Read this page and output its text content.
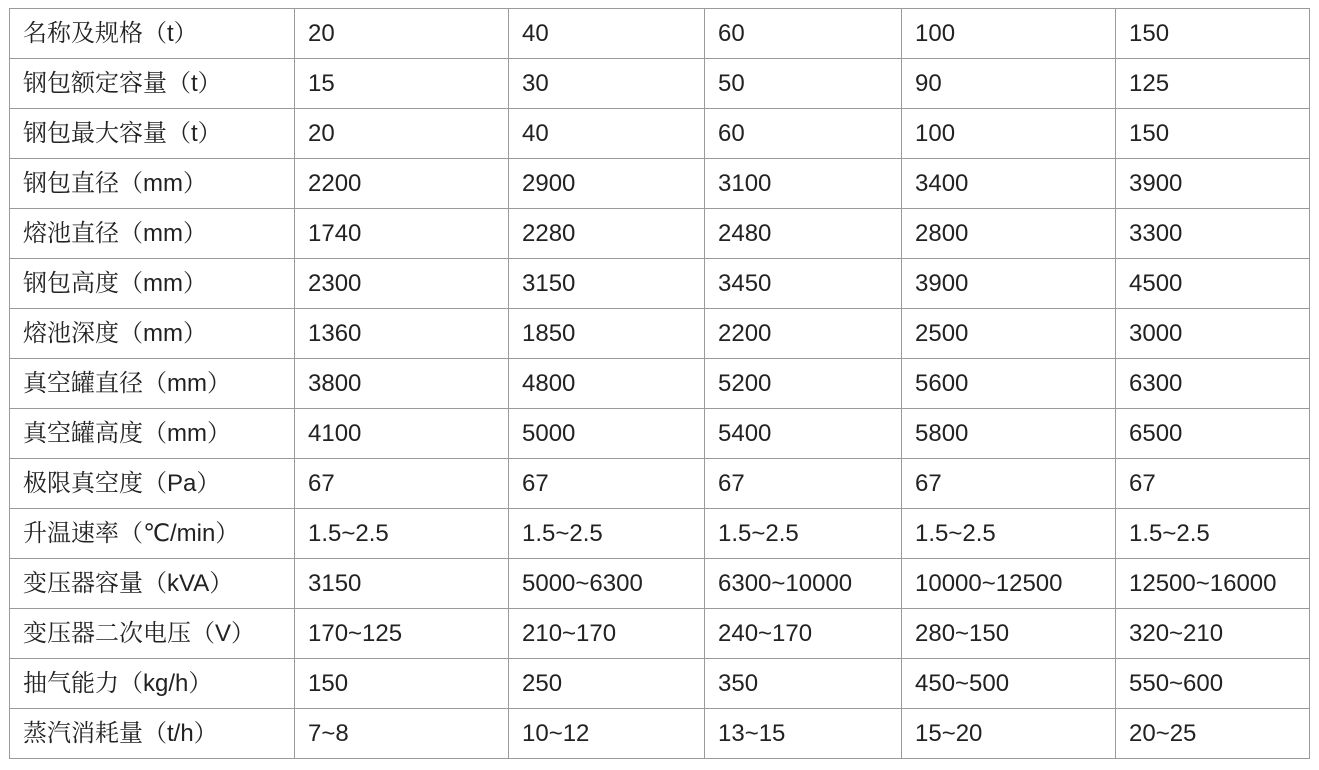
名称及规格（t）	20	40	60	100	150
钢包额定容量（t）	15	30	50	90	125
钢包最大容量（t）	20	40	60	100	150
钢包直径（mm）	2200	2900	3100	3400	3900
熔池直径（mm）	1740	2280	2480	2800	3300
钢包高度（mm）	2300	3150	3450	3900	4500
熔池深度（mm）	1360	1850	2200	2500	3000
真空罐直径（mm）	3800	4800	5200	5600	6300
真空罐高度（mm）	4100	5000	5400	5800	6500
极限真空度（Pa）	67	67	67	67	67
升温速率（℃/min）	1.5~2.5	1.5~2.5	1.5~2.5	1.5~2.5	1.5~2.5
变压器容量（kVA）	3150	5000~6300	6300~10000	10000~12500	12500~16000
变压器二次电压（V）	170~125	210~170	240~170	280~150	320~210
抽气能力（kg/h）	150	250	350	450~500	550~600
蒸汽消耗量（t/h）	7~8	10~12	13~15	15~20	20~25
